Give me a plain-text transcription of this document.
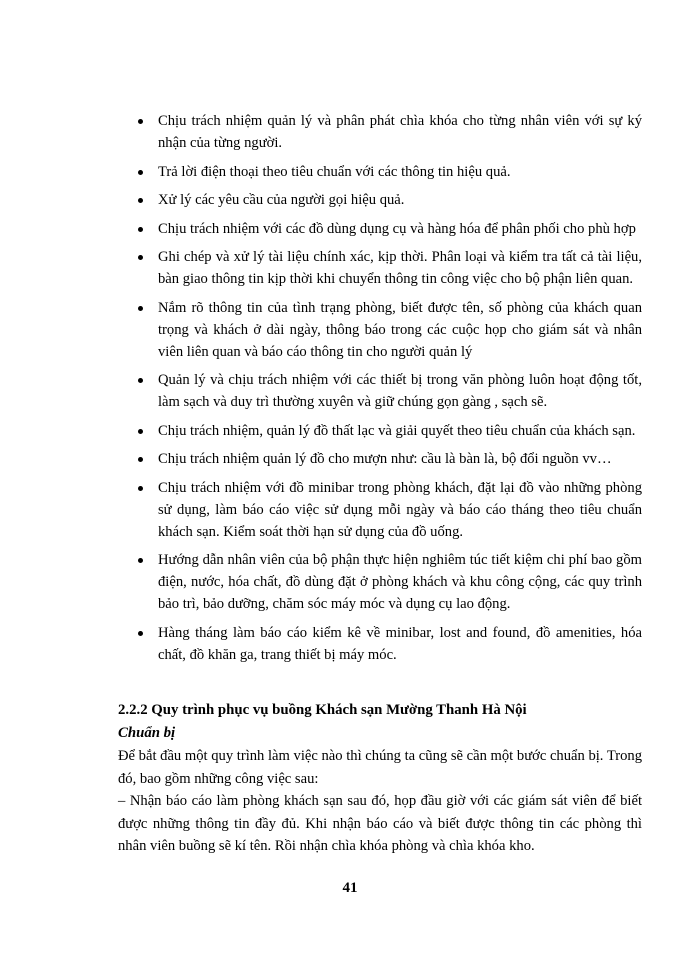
Chịu trách nhiệm quản lý và phân phát chìa khóa cho từng nhân viên với sự ký nhận của từng người.
Trả lời điện thoại theo tiêu chuẩn với các thông tin hiệu quả.
Xử lý các yêu cầu của người gọi hiệu quả.
Chịu trách nhiệm với các đồ dùng dụng cụ và hàng hóa để phân phối cho phù hợp
Ghi chép và xử lý tài liệu chính xác, kịp thời. Phân loại và kiểm tra tất cả tài liệu, bàn giao thông tin kịp thời khi chuyển thông tin công việc cho bộ phận liên quan.
Nắm rõ thông tin của tình trạng phòng, biết được tên, số phòng của khách quan trọng và khách ở dài ngày, thông báo trong các cuộc họp cho giám sát và nhân viên liên quan và báo cáo thông tin cho người quản lý
Quản lý và chịu trách nhiệm với các thiết bị trong văn phòng luôn hoạt động tốt, làm sạch và duy trì thường xuyên và giữ chúng gọn gàng , sạch sẽ.
Chịu trách nhiệm, quản lý đồ thất lạc và giải quyết theo tiêu chuẩn của khách sạn.
Chịu trách nhiệm quản lý đồ cho mượn như: cầu là bàn là, bộ đổi nguồn vv…
Chịu trách nhiệm với đồ minibar trong phòng khách, đặt lại đồ vào những phòng sử dụng, làm báo cáo việc sử dụng mỗi ngày và báo cáo tháng theo tiêu chuẩn khách sạn. Kiểm soát thời hạn sử dụng của đồ uống.
Hướng dẫn nhân viên của bộ phận thực hiện nghiêm túc tiết kiệm chi phí bao gồm điện, nước, hóa chất, đồ dùng đặt ở phòng khách và khu công cộng, các quy trình bảo trì, bảo dưỡng, chăm sóc máy móc và dụng cụ lao động.
Hàng tháng làm báo cáo kiểm kê về minibar, lost and found, đồ amenities, hóa chất, đồ khăn ga, trang thiết bị máy móc.

2.2.2 Quy trình phục vụ buồng Khách sạn Mường Thanh Hà Nội

Chuẩn bị

Để bắt đầu một quy trình làm việc nào thì chúng ta cũng sẽ cần một bước chuẩn bị. Trong đó, bao gồm những công việc sau:

– Nhận báo cáo làm phòng khách sạn sau đó, họp đầu giờ với các giám sát viên để biết được những thông tin đầy đủ. Khi nhận báo cáo và biết được thông tin các phòng thì nhân viên buồng sẽ kí tên. Rồi nhận chìa khóa phòng và chìa khóa kho.

41
